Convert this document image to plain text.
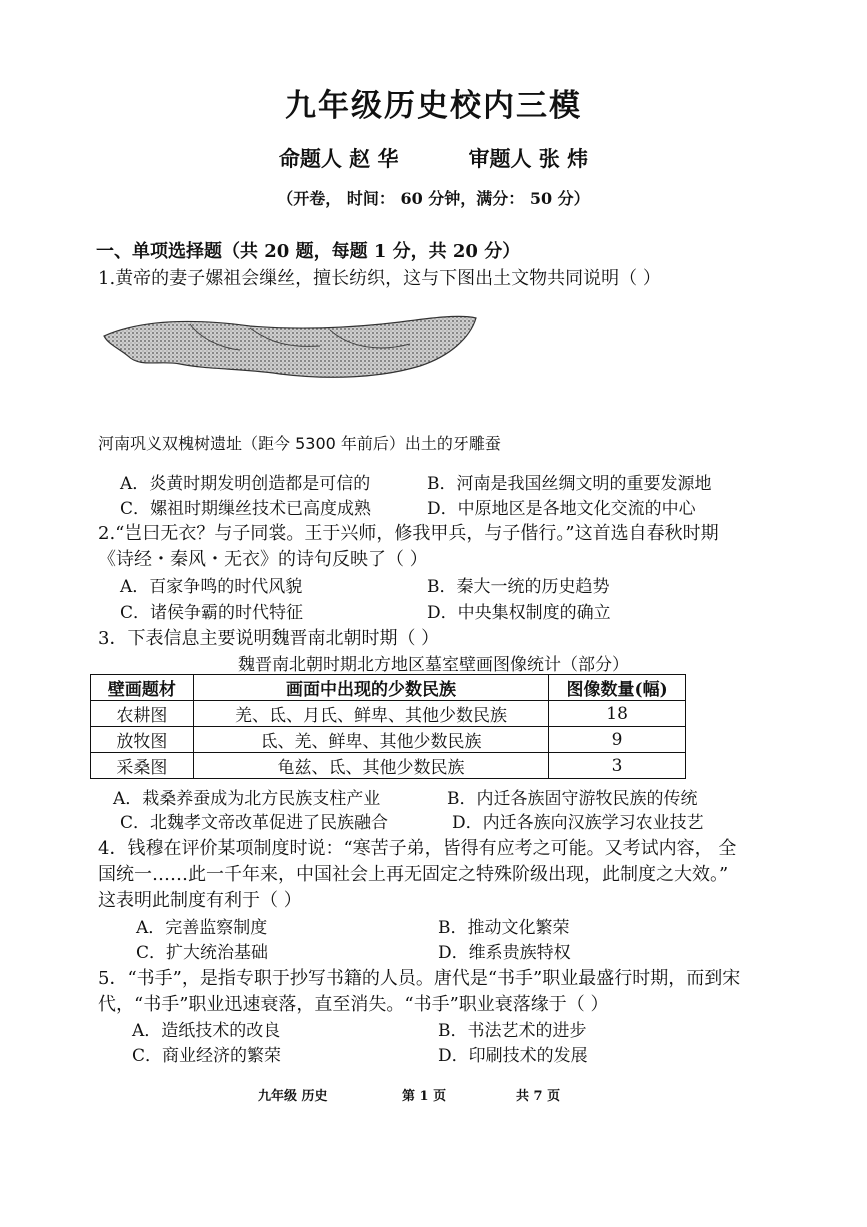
九年级历史校内三模
命题人 赵 华	审题人 张 炜
（开卷， 时间： 60 分钟，满分： 50 分）
一、单项选择题（共 20 题，每题 1 分，共 20 分）
1.黄帝的妻子嫘祖会缫丝，擅长纺织，这与下图出土文物共同说明（ ）
河南巩义双槐树遗址（距今 5300 年前后）出土的牙雕蚕
A．炎黄时期发明创造都是可信的	B．河南是我国丝绸文明的重要发源地
C．嫘祖时期缫丝技术已高度成熟	D．中原地区是各地文化交流的中心
2.“岂曰无衣？与子同裳。王于兴师，修我甲兵，与子偕行。”这首选自春秋时期
《诗经・秦风・无衣》的诗句反映了（ ）
A．百家争鸣的时代风貌	B．秦大一统的历史趋势
C．诸侯争霸的时代特征	D．中央集权制度的确立
3．下表信息主要说明魏晋南北朝时期（ ）
魏晋南北朝时期北方地区墓室壁画图像统计（部分）
壁画题材	画面中出现的少数民族	图像数量(幅)
农耕图	羌、氐、月氏、鲜卑、其他少数民族	18
放牧图	氐、羌、鲜卑、其他少数民族	9
采桑图	龟兹、氐、其他少数民族	3
A．栽桑养蚕成为北方民族支柱产业	B．内迁各族固守游牧民族的传统
C．北魏孝文帝改革促进了民族融合	D．内迁各族向汉族学习农业技艺
4．钱穆在评价某项制度时说：“寒苦子弟，皆得有应考之可能。又考试内容， 全
国统一……此一千年来，中国社会上再无固定之特殊阶级出现，此制度之大效。”
这表明此制度有利于（ ）
A．完善监察制度	B．推动文化繁荣
C．扩大统治基础	D．维系贵族特权
5．“书手”，是指专职于抄写书籍的人员。唐代是“书手”职业最盛行时期，而到宋
代，“书手”职业迅速衰落，直至消失。“书手”职业衰落缘于（ ）
A．造纸技术的改良	B．书法艺术的进步
C．商业经济的繁荣	D．印刷技术的发展
九年级 历史	第 1 页	共 7 页
